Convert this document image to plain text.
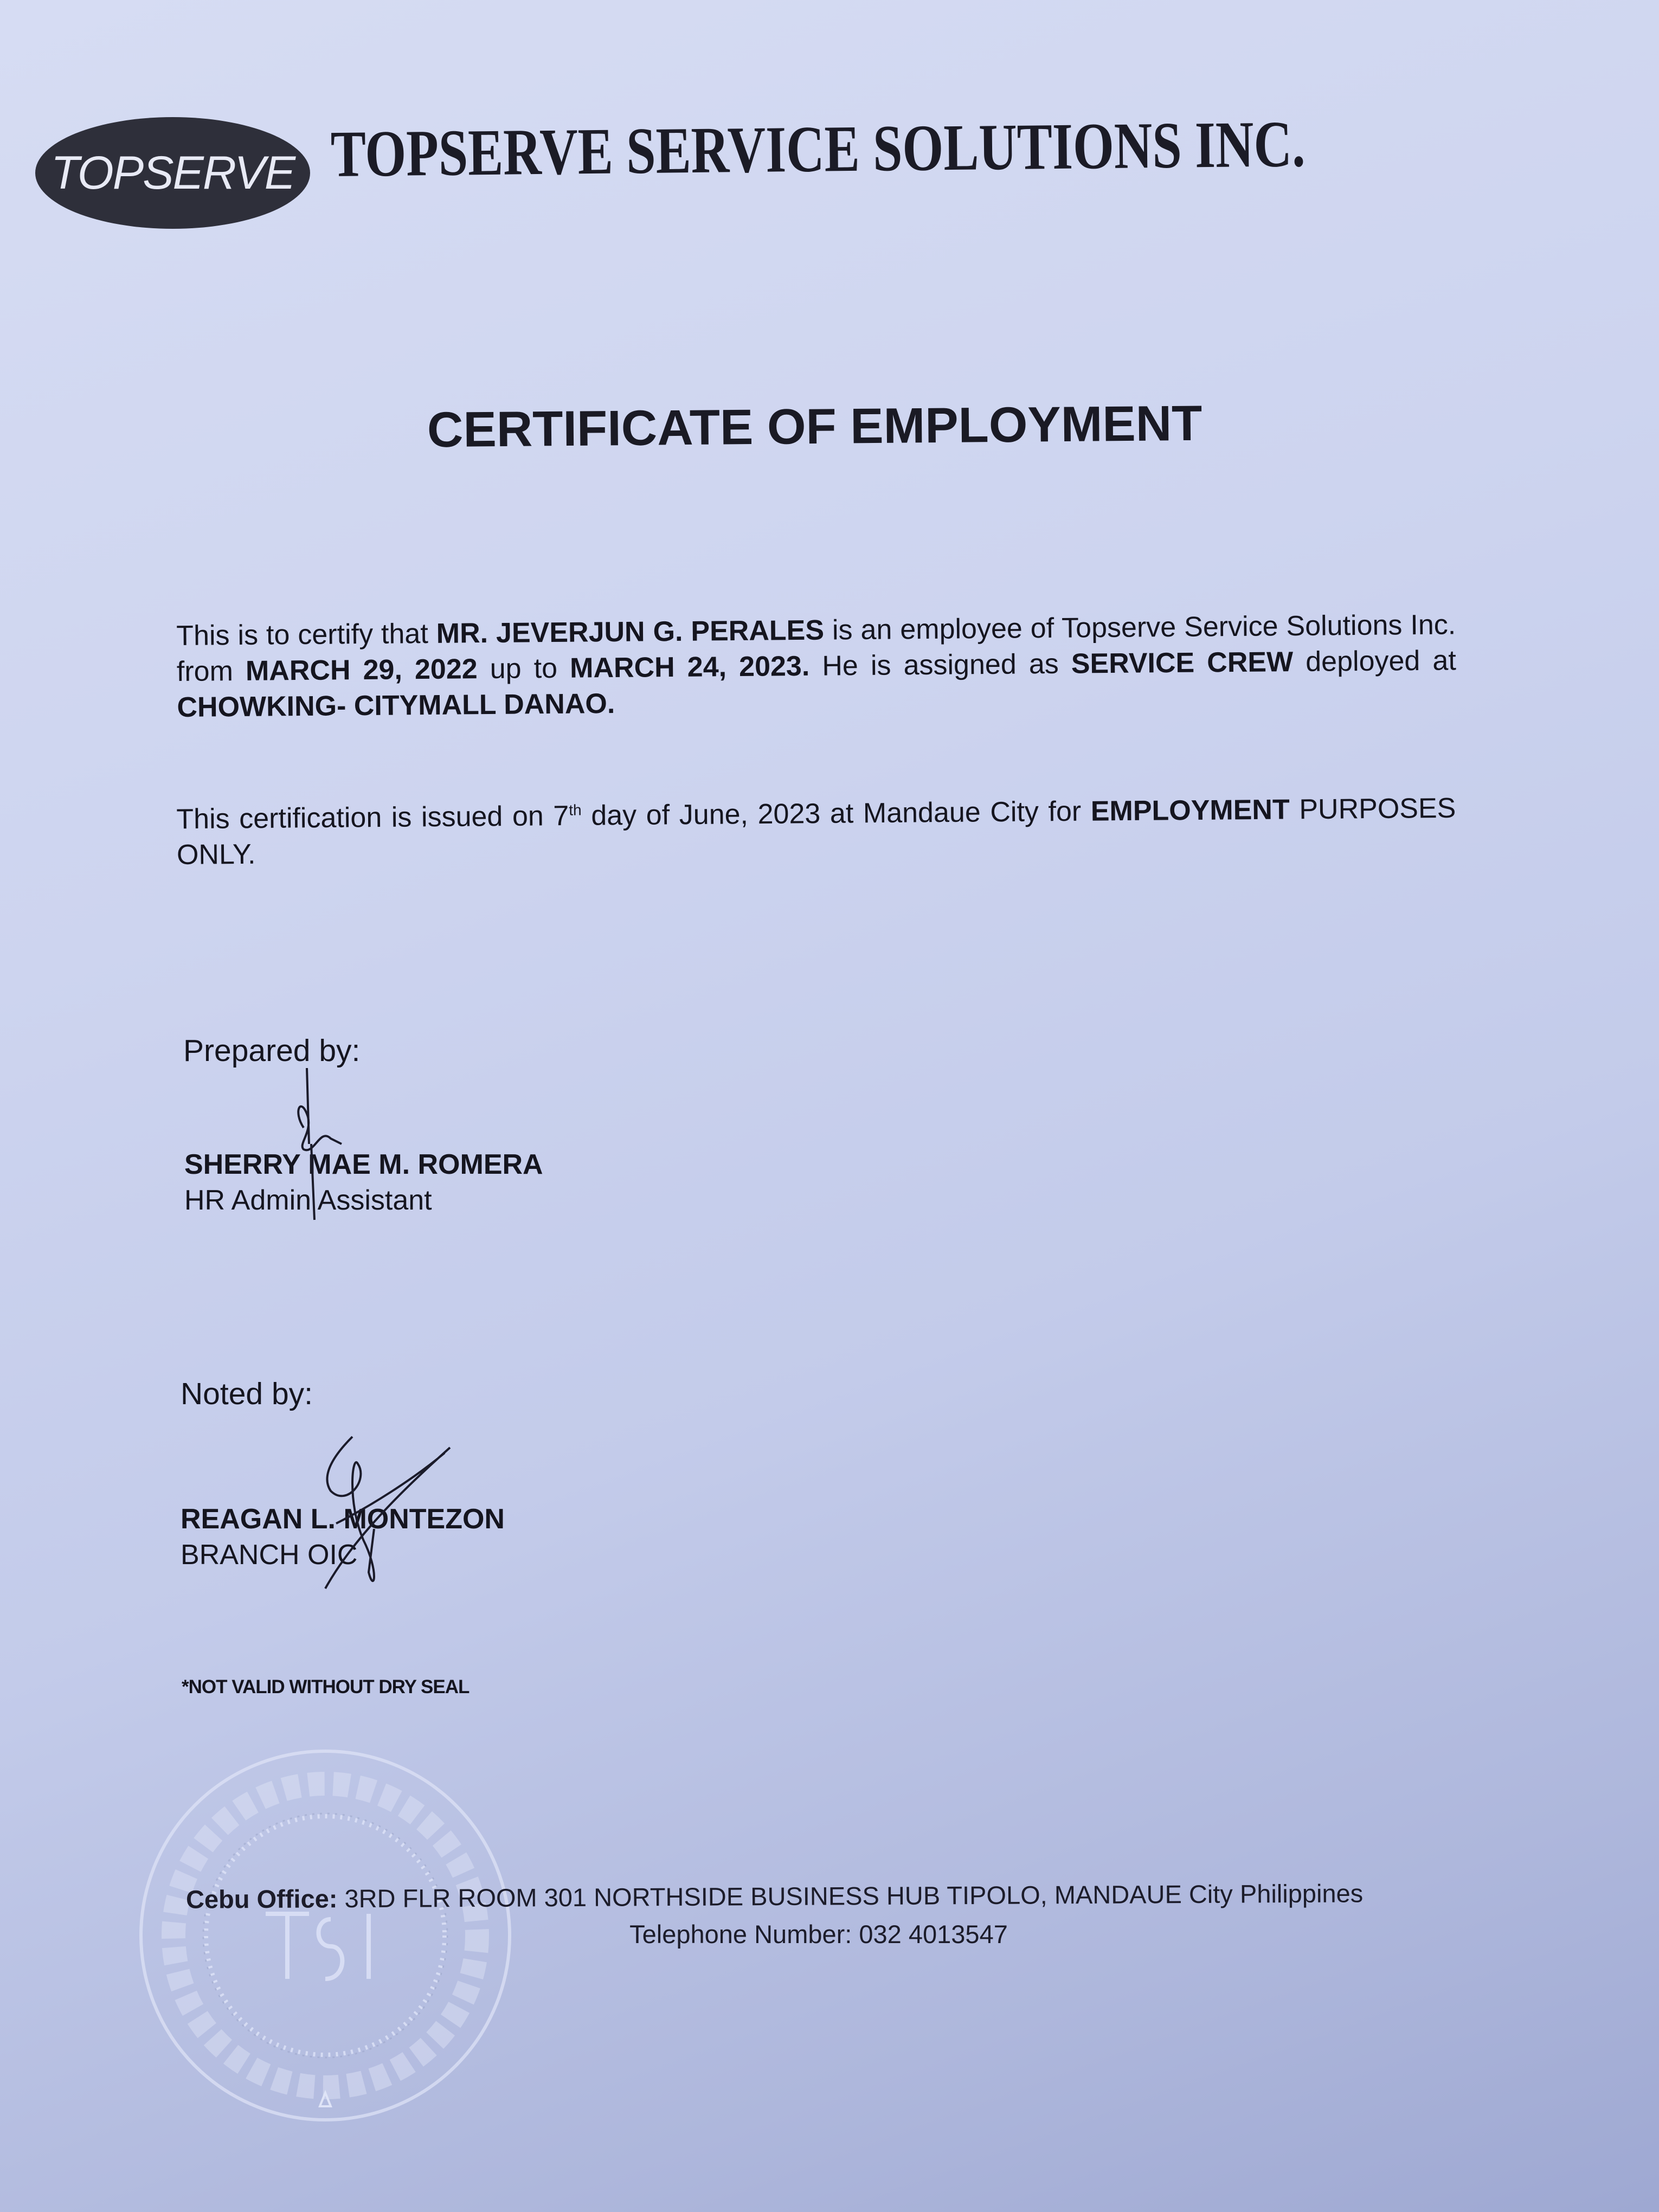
TOPSERVE TOPSERVE SERVICE SOLUTIONS INC.
CERTIFICATE OF EMPLOYMENT
This is to certify that MR. JEVERJUN G. PERALES is an employee of Topserve Service Solutions Inc. from MARCH 29, 2022 up to MARCH 24, 2023. He is assigned as SERVICE CREW deployed at CHOWKING- CITYMALL DANAO.
This certification is issued on 7th day of June, 2023 at Mandaue City for EMPLOYMENT PURPOSES ONLY.
Prepared by:
SHERRY MAE M. ROMERA
HR Admin Assistant
Noted by:
REAGAN L. MONTEZON
BRANCH OIC
*NOT VALID WITHOUT DRY SEAL
Cebu Office: 3RD FLR ROOM 301 NORTHSIDE BUSINESS HUB TIPOLO, MANDAUE City Philippines
Telephone Number: 032 4013547
